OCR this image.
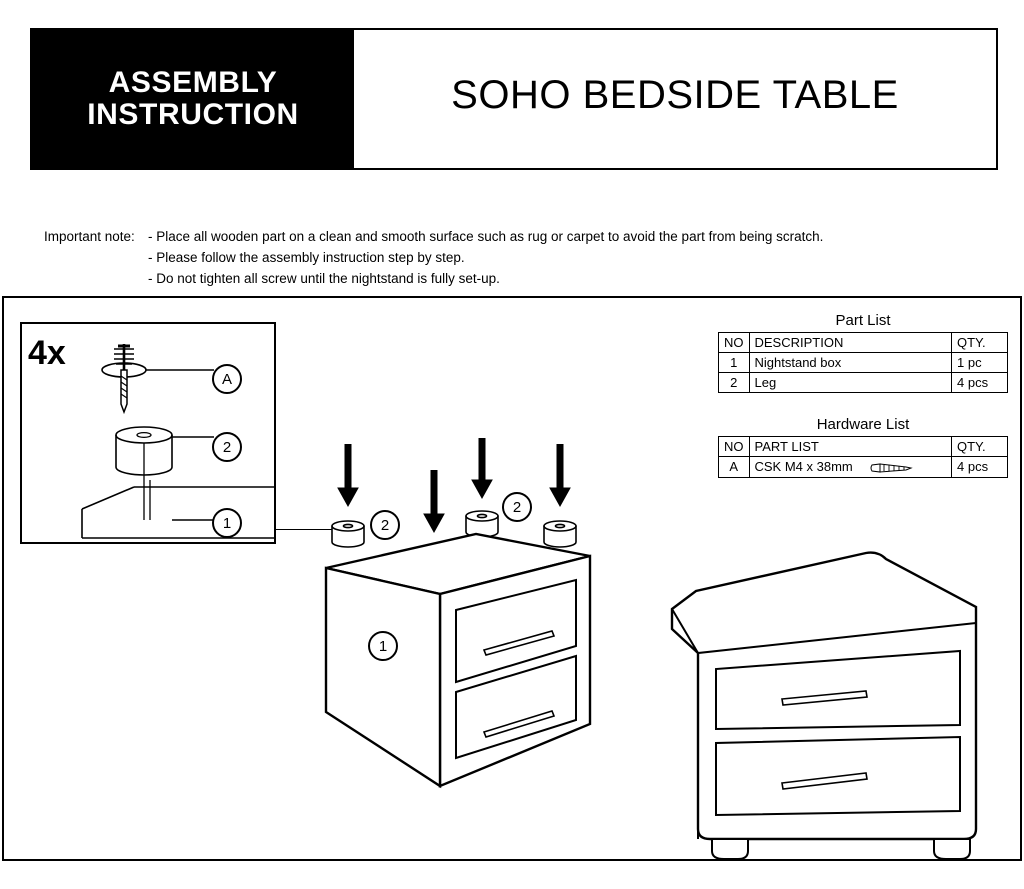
ASSEMBLY
INSTRUCTION	SOHO BEDSIDE TABLE
Important note: - Place all wooden part on a clean and smooth surface such as rug or carpet to avoid the part from being scratch.
- Please follow the assembly instruction step by step.
- Do not tighten all screw until the nightstand is fully set-up.
4x
A
2
1	2
2
1
Part List
NO	DESCRIPTION	QTY.
1	Nightstand box	1 pc
2	Leg	4 pcs
Hardware List
NO	PART LIST	QTY.
A	CSK M4 x 38mm	4 pcs
